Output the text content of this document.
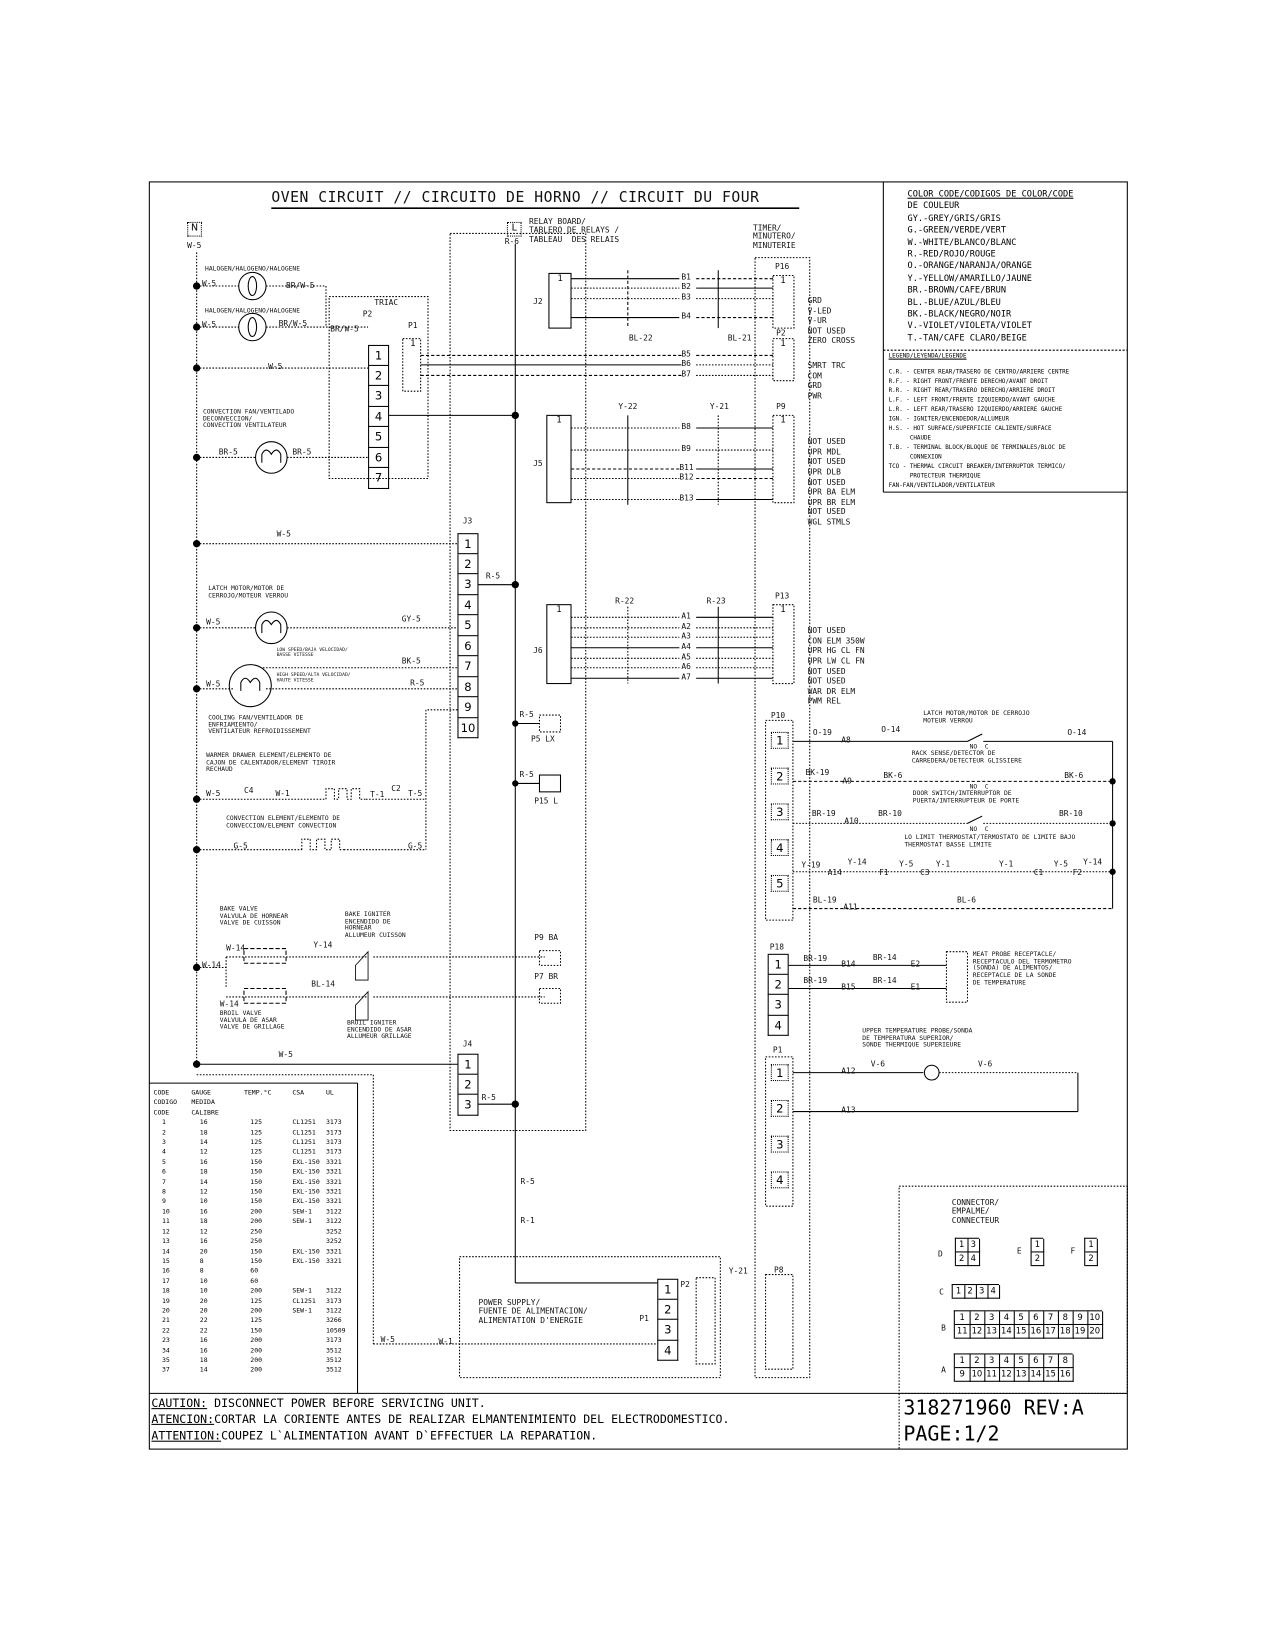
OVEN CIRCUIT // CIRCUITO DE HORNO // CIRCUIT DU FOUR	COLOR CODE/CODIGOS DE COLOR/CODE
DE COULEUR
GY.-GREY/GRIS/GRIS
G.-GREEN/VERDE/VERT
W.-WHITE/BLANCO/BLANC
R.-RED/ROJO/ROUGE
O.-ORANGE/NARANJA/ORANGE
Y.-YELLOW/AMARILLO/JAUNE
BR.-BROWN/CAFE/BRUN
BL.-BLUE/AZUL/BLEU
BK.-BLACK/NEGRO/NOIR
V.-VIOLET/VIOLETA/VIOLET
T.-TAN/CAFE CLARO/BEIGE
LEGEND/LEYENDA/LEGENDE
C.R. - CENTER REAR/TRASERO DE CENTRO/ARRIERE CENTRE
R.F. - RIGHT FRONT/FRENTE DERECHO/AVANT DROIT
R.R. - RIGHT REAR/TRASERO DERECHO/ARRIERE DROIT
L.F. - LEFT FRONT/FRENTE IZQUIERDO/AVANT GAUCHE
L.R. - LEFT REAR/TRASERO IZQUIERDO/ARRIERE GAUCHE
IGN. - IGNITER/ENCENDEDOR/ALLUMEUR
H.S. - HOT SURFACE/SUPERFICIE CALIENTE/SURFACE
CHAUDE
T.B. - TERMINAL BLOCK/BLOQUE DE TERMINALES/BLOC DE
CONNEXION
TCO - THERMAL CIRCUIT BREAKER/INTERRUPTOR TERMICO/
PROTECTEUR THERMIQUE
FAN-FAN/VENTILADOR/VENTILATEUR
CODE	GAUGE	TEMP.°C	CSA	UL
CODIGO	MEDIDA			
CODE	CALIBRE			
1	16	125	CL1251	3173
2	18	125	CL1251	3173
3	14	125	CL1251	3173
4	12	125	CL1251	3173
5	16	150	EXL-150	3321
6	18	150	EXL-150	3321
7	14	150	EXL-150	3321
8	12	150	EXL-150	3321
9	10	150	EXL-150	3321
10	16	200	SEW-1	3122
11	18	200	SEW-1	3122
12	12	250		3252
13	16	250		3252
14	20	150	EXL-150	3321
15	8	150	EXL-150	3321
16	8	60		
17	10	60		
18	10	200	SEW-1	3122
19	20	125	CL1251	3173
20	20	200	SEW-1	3122
21	22	125		3266
22	22	150		10509
23	16	200		3173
34	16	200		3512
35	18	200		3512
37	14	200		3512
CAUTION: DISCONNECT POWER BEFORE SERVICING UNIT.
ATENCION:CORTAR LA CORIENTE ANTES DE REALIZAR ELMANTENIMIENTO DEL ELECTRODOMESTICO.
ATTENTION:COUPEZ L`ALIMENTATION AVANT D`EFFECTUER LA REPARATION.
318271960 REV:A
PAGE:1/2
1
2
3
4
5
6
7
1
2
3
4
5
6
7
8
9
10
1
2
3
1
2
3
4
5
1
2
3
4
1
2
3
4
1
2
3
4
1
1
1
1
1
1
1
1
N
W-5
HALOGEN/HALOGENO/HALOGENE
W-5	BR/W-5
HALOGEN/HALOGENO/HALOGENE
W-5	BR/W-5
TRIAC
P2
BR/W-5	P1
W-5
CONVECTION FAN/VENTILADO
DECONVECCION/
CONVECTION VENTILATEUR
BR-5	BR-5
W-5
J3
R-5
LATCH MOTOR/MOTOR DE
CERROJO/MOTEUR VERROU
W-5	GY-5
LOW SPEED/BAJA VELOCIDAD/
BASSE VITESSE
BK-5
HIGH SPEED/ALTA VELOCIDAD/
HAUTE VITESSE
W-5	R-5
COOLING FAN/VENTILADOR DE
ENFRIAMIENTO/
VENTILATEUR REFROIDISSEMENT
WARMER DRAWER ELEMENT/ELEMENTO DE
CAJON DE CALENTADOR/ELEMENT TIROIR
RECHAUD
W-5	C4	W-1	T-1
C2
T-5
CONVECTION ELEMENT/ELEMENTO DE
CONVECCION/ELEMENT CONVECTION
G-5	G-5
BAKE VALVE
VALVULA DE HORNEAR
VALVE DE CUISSON
W-14	Y-14
BAKE IGNITER
ENCENDIDO DE
HORNEAR
ALLUMEUR CUISSON
W-14
BL-14
W-14
BROIL VALVE
VALVULA DE ASAR
VALVE DE GRILLAGE
BROIL IGNITER
ENCENDIDO DE ASAR
ALLUMEUR GRILLAGE
P9 BA
P7 BR
W-5
J4
R-5
R-5
P5 LX
R-5
P15 L
R-5
R-1
L
R-6
RELAY BOARD/
TABLERO DE RELAYS /
TABLEAU  DES RELAIS
TIMER/
MINUTERO/
MINUTERIE
P16
J2
BL-22	BL-21
P2
Y-22	Y-21	P9
J5
R-22	R-23
P13
J6
B1
B2
B3
B4
B5
B6
B7
B8
B9
B11
B12
B13
A1
A2
A3
A4
A5
A6
A7

GRD
V-LED
V-UR
NOT USED
ZERO CROSS

SMRT TRC
COM
GRD
PWR

NOT USED
UPR MDL
NOT USED
UPR DLB
NOT USED
UPR BA ELM
UPR BR ELM
NOT USED
WGL STMLS

NOT USED
CON ELM 350W
UPR HG CL FN
UPR LW CL FN
NOT USED
NOT USED
WAR DR ELM
PWM REL

P10	LATCH MOTOR/MOTOR DE CERROJO
MOTEUR VERROU
O-19
A8
O-14	O-14
NO  C
RACK SENSE/DETECTOR DE
CARREDERA/DETECTEUR GLISSIERE
BK-19
A9
BK-6	BK-6
NO  C
DOOR SWITCH/INTERRUPTOR DE
PUERTA/INTERRUPTEUR DE PORTE
BR-19
A10
BR-10	BR-10
NO  C
LO LIMIT THERMOSTAT/TERMOSTATO DE LIMITE BAJO
THERMOSTAT BASSE LIMITE
Y-19
A14
Y-14
F1
Y-5
C3
Y-1	Y-1
C1
Y-5
F2
Y-14
BL-19
A11
BL-6
P18
BR-19
B14
BR-14
E2
BR-19
B15
BR-14
E1
MEAT PROBE RECEPTACLE/
RECEPTACULO DEL TERMOMETRO
(SONDA) DE ALIMENTOS/
RECEPTACLE DE LA SONDE
DE TEMPERATURE
UPPER TEMPERATURE PROBE/SONDA
DE TEMPERATURA SUPERIOR/
SONDE THERMIQUE SUPERIEURE
P1
A12
V-6	V-6
A13
POWER SUPPLY/
FUENTE DE ALIMENTACION/
ALIMENTATION D'ENERGIE	P1
P2
Y-21	P8
W-5	W-1
CONNECTOR/
EMPALME/
CONNECTEUR
D
1 3
2 4
E
1
2
F
1
2
C	1 2 3 4
B
1	2	3	4	5	6	7	8	9 10
11 12 13 14 15 16 17 18 19 20
A
1	2	3	4	5	6	7	8
9 10 11 12 13 14 15 16
